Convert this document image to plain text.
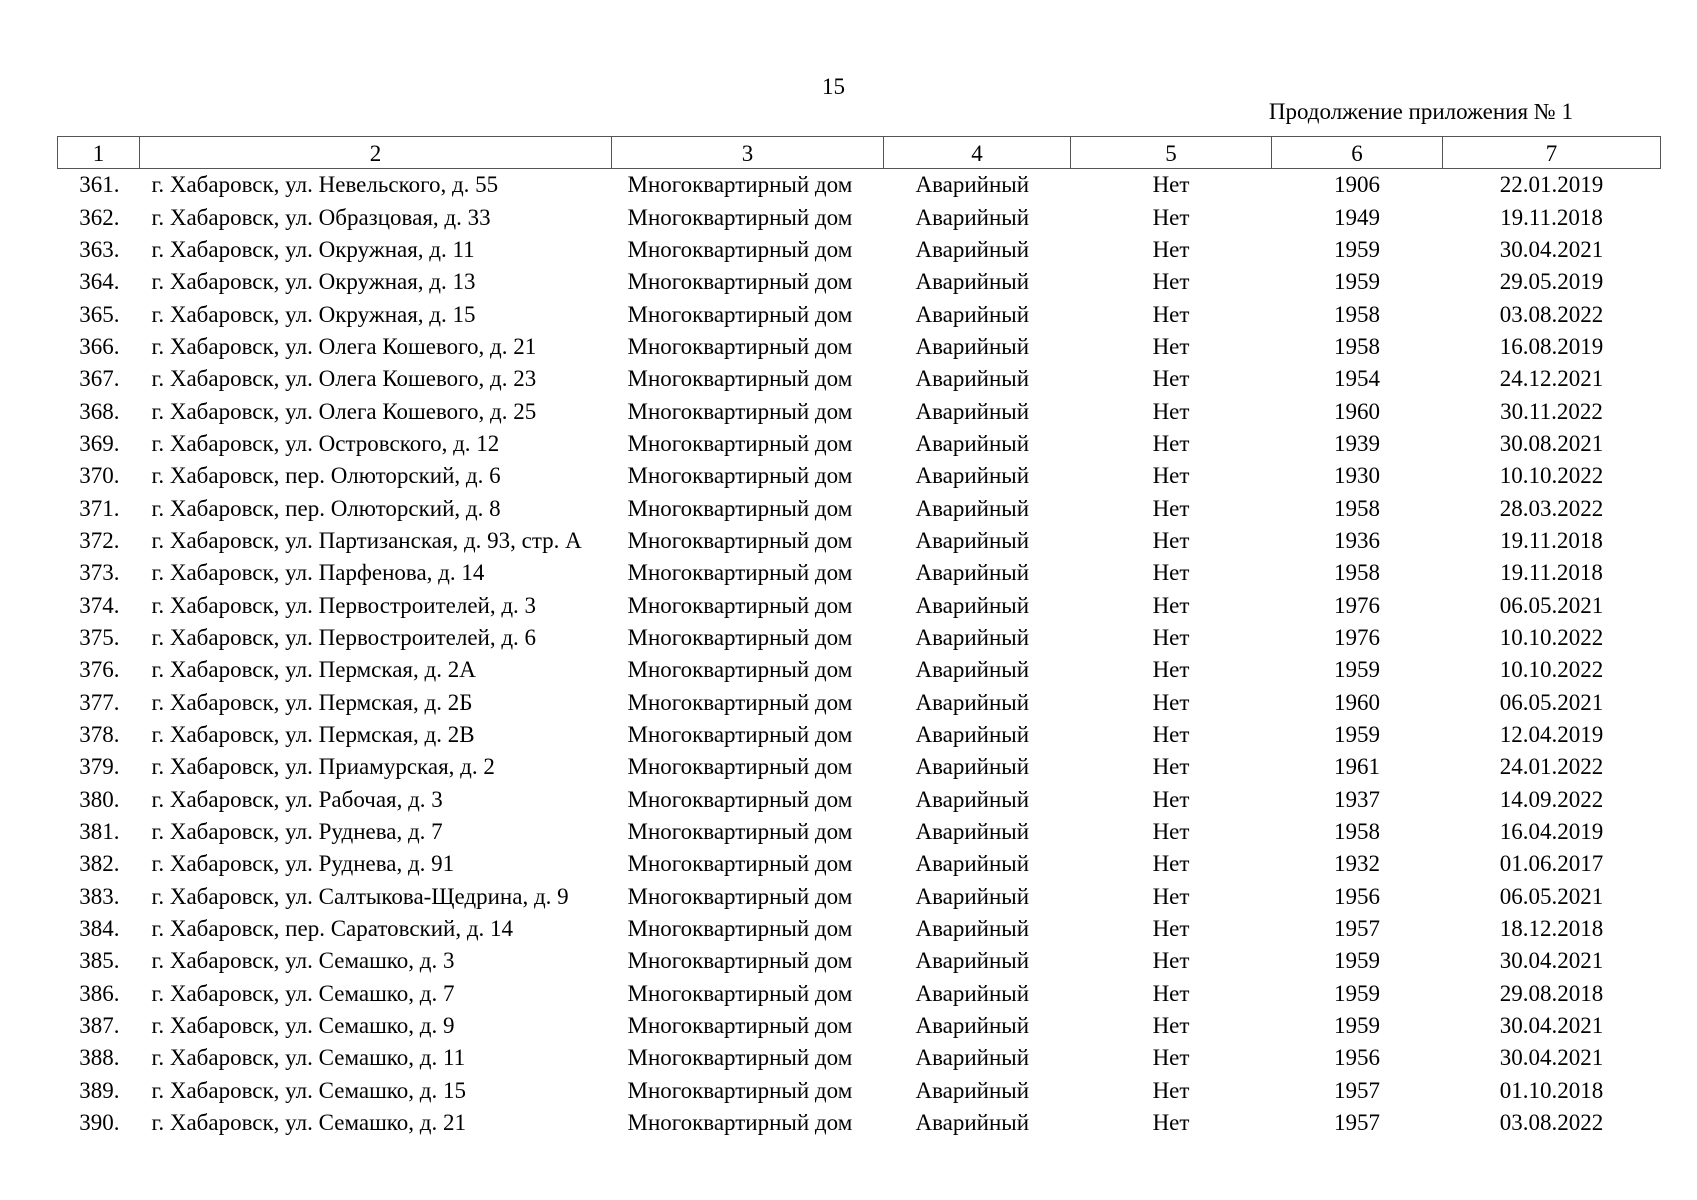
15
Продолжение приложения № 1
1	2	3	4	5	6	7
361.	г. Хабаровск, ул. Невельского, д. 55	Многоквартирный дом	Аварийный	Нет	1906	22.01.2019
362.	г. Хабаровск, ул. Образцовая, д. 33	Многоквартирный дом	Аварийный	Нет	1949	19.11.2018
363.	г. Хабаровск, ул. Окружная, д. 11	Многоквартирный дом	Аварийный	Нет	1959	30.04.2021
364.	г. Хабаровск, ул. Окружная, д. 13	Многоквартирный дом	Аварийный	Нет	1959	29.05.2019
365.	г. Хабаровск, ул. Окружная, д. 15	Многоквартирный дом	Аварийный	Нет	1958	03.08.2022
366.	г. Хабаровск, ул. Олега Кошевого, д. 21	Многоквартирный дом	Аварийный	Нет	1958	16.08.2019
367.	г. Хабаровск, ул. Олега Кошевого, д. 23	Многоквартирный дом	Аварийный	Нет	1954	24.12.2021
368.	г. Хабаровск, ул. Олега Кошевого, д. 25	Многоквартирный дом	Аварийный	Нет	1960	30.11.2022
369.	г. Хабаровск, ул. Островского, д. 12	Многоквартирный дом	Аварийный	Нет	1939	30.08.2021
370.	г. Хабаровск, пер. Олюторский, д. 6	Многоквартирный дом	Аварийный	Нет	1930	10.10.2022
371.	г. Хабаровск, пер. Олюторский, д. 8	Многоквартирный дом	Аварийный	Нет	1958	28.03.2022
372.	г. Хабаровск, ул. Партизанская, д. 93, стр. А	Многоквартирный дом	Аварийный	Нет	1936	19.11.2018
373.	г. Хабаровск, ул. Парфенова, д. 14	Многоквартирный дом	Аварийный	Нет	1958	19.11.2018
374.	г. Хабаровск, ул. Первостроителей, д. 3	Многоквартирный дом	Аварийный	Нет	1976	06.05.2021
375.	г. Хабаровск, ул. Первостроителей, д. 6	Многоквартирный дом	Аварийный	Нет	1976	10.10.2022
376.	г. Хабаровск, ул. Пермская, д. 2А	Многоквартирный дом	Аварийный	Нет	1959	10.10.2022
377.	г. Хабаровск, ул. Пермская, д. 2Б	Многоквартирный дом	Аварийный	Нет	1960	06.05.2021
378.	г. Хабаровск, ул. Пермская, д. 2В	Многоквартирный дом	Аварийный	Нет	1959	12.04.2019
379.	г. Хабаровск, ул. Приамурская, д. 2	Многоквартирный дом	Аварийный	Нет	1961	24.01.2022
380.	г. Хабаровск, ул. Рабочая, д. 3	Многоквартирный дом	Аварийный	Нет	1937	14.09.2022
381.	г. Хабаровск, ул. Руднева, д. 7	Многоквартирный дом	Аварийный	Нет	1958	16.04.2019
382.	г. Хабаровск, ул. Руднева, д. 91	Многоквартирный дом	Аварийный	Нет	1932	01.06.2017
383.	г. Хабаровск, ул. Салтыкова-Щедрина, д. 9	Многоквартирный дом	Аварийный	Нет	1956	06.05.2021
384.	г. Хабаровск, пер. Саратовский, д. 14	Многоквартирный дом	Аварийный	Нет	1957	18.12.2018
385.	г. Хабаровск, ул. Семашко, д. 3	Многоквартирный дом	Аварийный	Нет	1959	30.04.2021
386.	г. Хабаровск, ул. Семашко, д. 7	Многоквартирный дом	Аварийный	Нет	1959	29.08.2018
387.	г. Хабаровск, ул. Семашко, д. 9	Многоквартирный дом	Аварийный	Нет	1959	30.04.2021
388.	г. Хабаровск, ул. Семашко, д. 11	Многоквартирный дом	Аварийный	Нет	1956	30.04.2021
389.	г. Хабаровск, ул. Семашко, д. 15	Многоквартирный дом	Аварийный	Нет	1957	01.10.2018
390.	г. Хабаровск, ул. Семашко, д. 21	Многоквартирный дом	Аварийный	Нет	1957	03.08.2022
